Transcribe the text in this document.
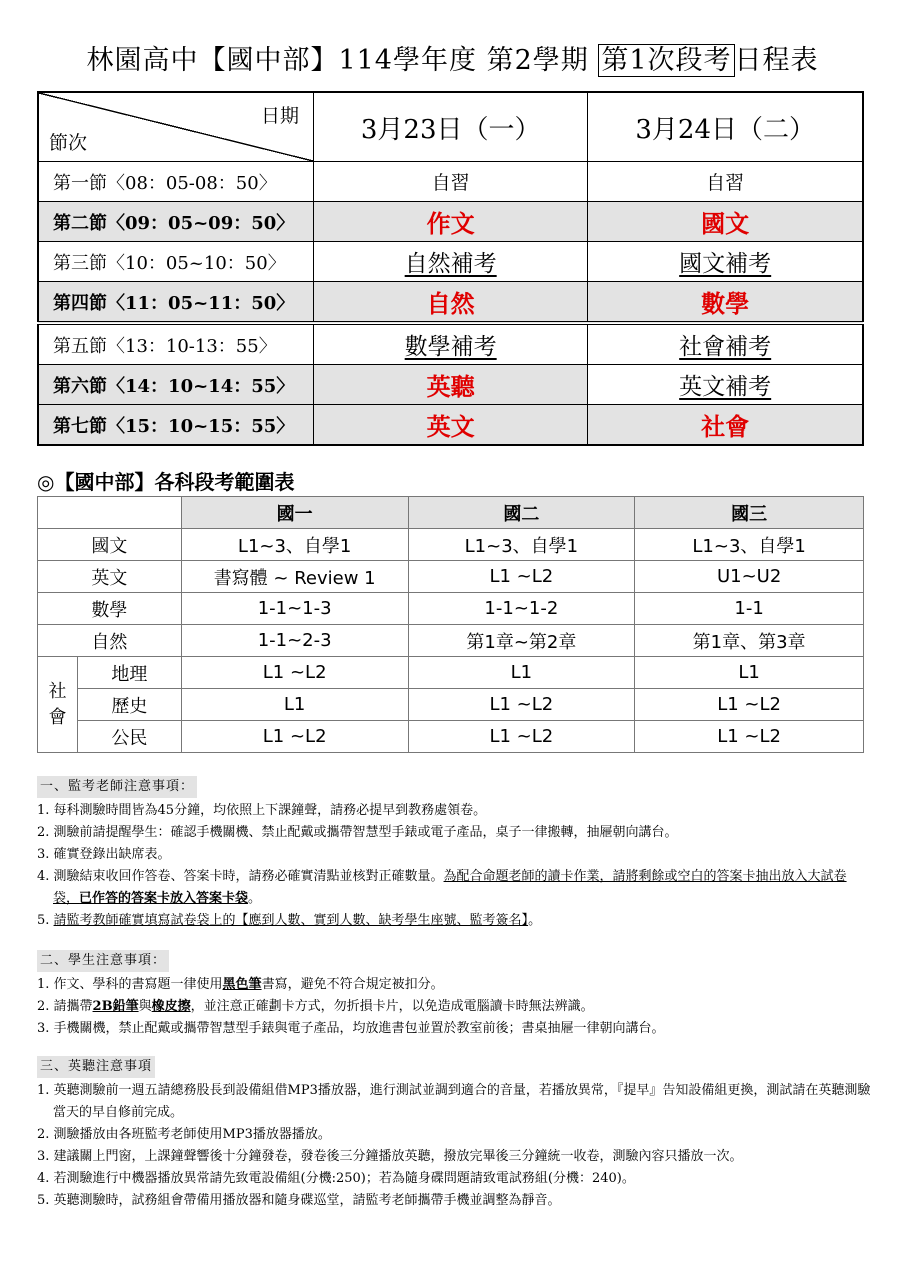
林園高中【國中部】114學年度 第2學期 第1次段考 日程表
日期
節次	3月23日（一）	3月24日（二）
第一節〈08：05-08：50〉	自習	自習
第二節〈09：05~09：50〉	作文	國文
第三節〈10：05~10：50〉	自然補考	國文補考
第四節〈11：05~11：50〉	自然	數學
第五節〈13：10-13：55〉	數學補考	社會補考
第六節〈14：10~14：55〉	英聽	英文補考
第七節〈15：10~15：55〉	英文	社會
◎【國中部】各科段考範圍表
		國一	國二	國三
國文		L1~3、自學1	L1~3、自學1	L1~3、自學1
英文		書寫體 ~ Review 1	L1 ~L2	U1~U2
數學		1-1~1-3	1-1~1-2	1-1
自然		1-1~2-3	第1章~第2章	第1章、第3章
社會	地理	L1 ~L2	L1	L1
	歷史	L1	L1 ~L2	L1 ~L2
	公民	L1 ~L2	L1 ~L2	L1 ~L2
一、監考老師注意事項：
1. 每科測驗時間皆為45分鐘，均依照上下課鐘聲，請務必提早到教務處領卷。
2. 測驗前請提醒學生：確認手機關機、禁止配戴或攜帶智慧型手錶或電子產品，桌子一律搬轉，抽屜朝向講台。
3. 確實登錄出缺席表。
4. 測驗結束收回作答卷、答案卡時，請務必確實清點並核對正確數量。為配合命題老師的讀卡作業，請將剩餘或空白的答案卡抽出放入大試卷袋，已作答的答案卡放入答案卡袋。
5. 請監考教師確實填寫試卷袋上的【應到人數、實到人數、缺考學生座號、監考簽名】。
二、學生注意事項：
1. 作文、學科的書寫題一律使用黑色筆書寫，避免不符合規定被扣分。
2. 請攜帶2B鉛筆與橡皮擦，並注意正確劃卡方式，勿折損卡片，以免造成電腦讀卡時無法辨識。
3. 手機關機，禁止配戴或攜帶智慧型手錶與電子產品，均放進書包並置於教室前後；書桌抽屜一律朝向講台。
三、英聽注意事項
1. 英聽測驗前一週五請總務股長到設備組借MP3播放器，進行測試並調到適合的音量，若播放異常，『提早』告知設備組更換，測試請在英聽測驗當天的早自修前完成。
2. 測驗播放由各班監考老師使用MP3播放器播放。
3. 建議關上門窗，上課鐘聲響後十分鐘發卷，發卷後三分鐘播放英聽，撥放完畢後三分鐘統一收卷，測驗內容只播放一次。
4. 若測驗進行中機器播放異常請先致電設備組(分機:250)；若為隨身碟問題請致電試務組(分機：240)。
5. 英聽測驗時，試務組會帶備用播放器和隨身碟巡堂，請監考老師攜帶手機並調整為靜音。
